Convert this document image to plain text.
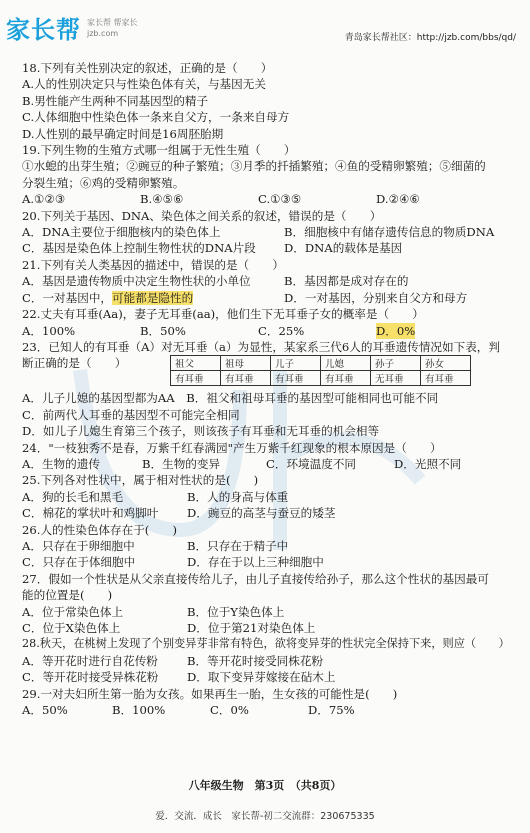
家长帮 家长帮 帮家长
jzb.com	青岛家长帮社区：http://jzb.com/bbs/qd/
18.下列有关性别决定的叙述，正确的是（　　）
A.人的性别决定只与性染色体有关，与基因无关
B.男性能产生两种不同基因型的精子
C.人体细胞中性染色体一条来自父方，一条来自母方
D.人性别的最早确定时间是16周胚胎期
19.下列生物的生殖方式哪一组属于无性生殖（　　）
①水螅的出芽生殖；②豌豆的种子繁殖；③月季的扦插繁殖；④鱼的受精卵繁殖；⑤细菌的
分裂生殖；⑥鸡的受精卵繁殖。
A.①②③	B.④⑤⑥	C.①③⑤	D.②④⑥
20.下列关于基因、DNA、染色体之间关系的叙述，错误的是（　　）
A．DNA主要位于细胞核内的染色体上	B．细胞核中有储存遗传信息的物质DNA
C．基因是染色体上控制生物性状的DNA片段	D．DNA的载体是基因
21.下列有关人类基因的描述中，错误的是（　　）
A．基因是遗传物质中决定生物性状的小单位	B．基因都是成对存在的
C．一对基因中，可能都是隐性的	D．一对基因，分别来自父方和母方
22.丈夫有耳垂(Aa)，妻子无耳垂(aa)，他们生下无耳垂子女的概率是（　　）
A．100%	B．50%	C．25%	D．0%
23．已知人的有耳垂（A）对无耳垂（a）为显性，某家系三代6人的耳垂遗传情况如下表，判
断正确的是（　　）	祖父	祖母	儿子	儿媳	孙子	孙女
有耳垂	有耳垂	有耳垂	有耳垂	无耳垂	有耳垂
A．儿子儿媳的基因型都为AA　B．祖父和祖母耳垂的基因型可能相同也可能不同
C．前两代人耳垂的基因型不可能完全相同
D．如儿子儿媳生育第三个孩子，则该孩子有耳垂和无耳垂的机会相等
24．"一枝独秀不是春，万紫千红春满园"产生万紫千红现象的根本原因是（　　）
A．生物的遗传	B．生物的变异	C．环境温度不同	D．光照不同
25.下列各对性状中，属于相对性状的是(　　)
A．狗的长毛和黑毛	B．人的身高与体重
C．棉花的掌状叶和鸡脚叶	D．豌豆的高茎与蚕豆的矮茎
26.人的性染色体存在于(　　)
A．只存在于卵细胞中	B．只存在于精子中
C．只存在于体细胞中	D．存在于以上三种细胞中
27．假如一个性状是从父亲直接传给儿子，由儿子直接传给孙子，那么这个性状的基因最可
能的位置是(　　)
A．位于常染色体上	B．位于Y染色体上
C．位于X染色体上	D．位于第21对染色体上
28.秋天，在桃树上发现了个别变异芽非常有特色，欲将变异芽的性状完全保持下来，则应（　　）
A．等开花时进行自花传粉	B．等开花时接受同株花粉
C．等开花时接受异株花粉	D．取下变异芽嫁接在砧木上
29.一对夫妇所生第一胎为女孩。如果再生一胎，生女孩的可能性是(　　)
A．50%	B．100%	C．0%	D．75%
八年级生物　第3页　（共8页）
爱．交流．成长　家长帮-初二交流群：230675335
